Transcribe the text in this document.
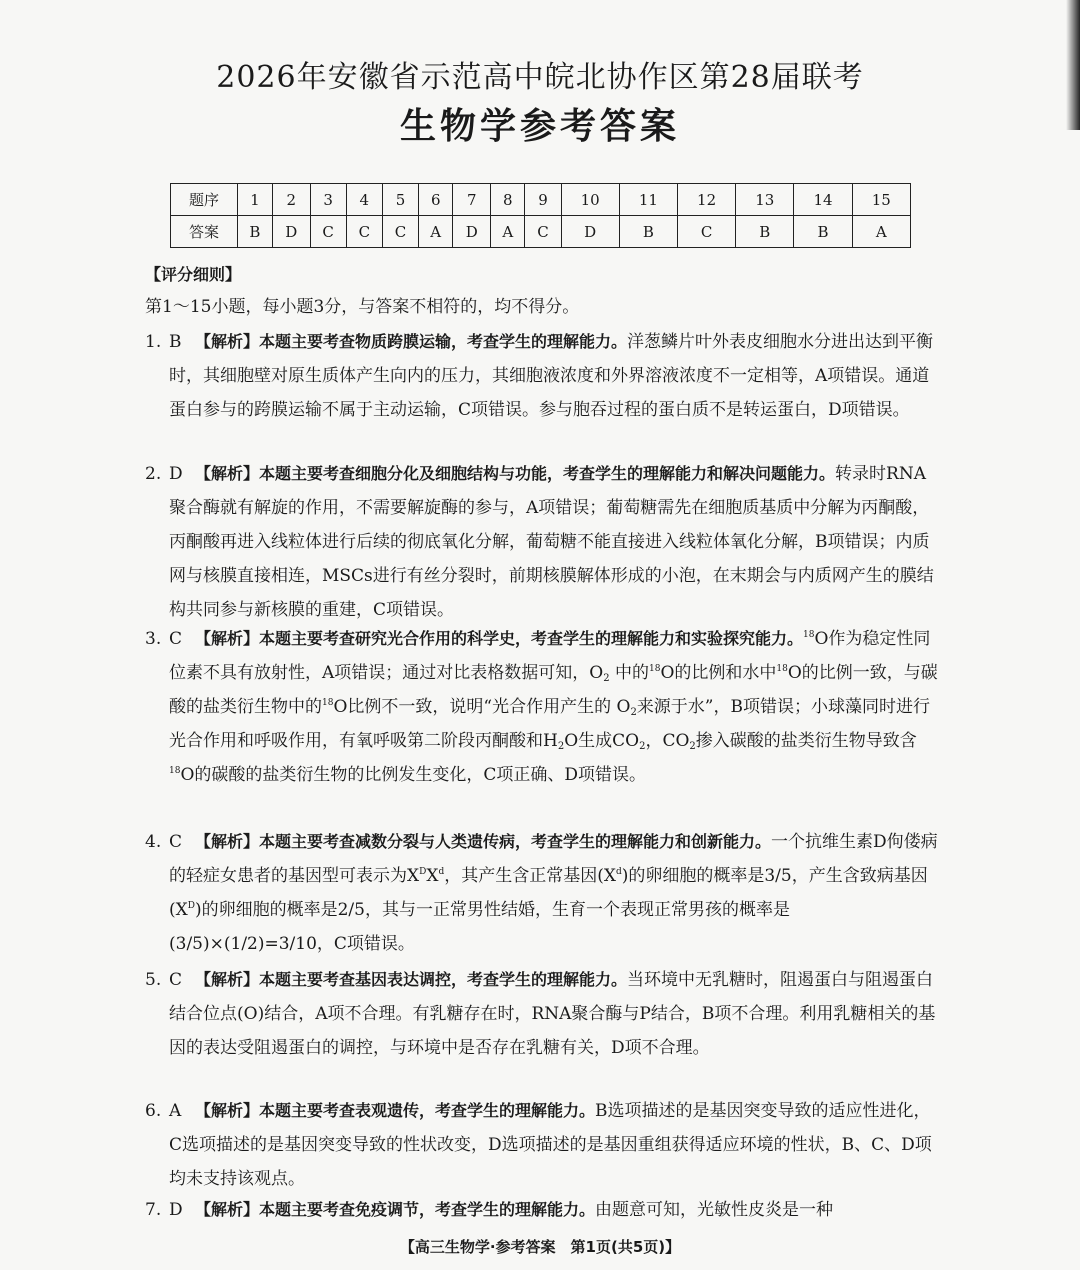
2026年安徽省示范高中皖北协作区第28届联考
生物学参考答案
题序	1	2	3	4	5	6	7	8	9	10	11	12	13	14	15
答案	B	D	C	C	C	A	D	A	C	D	B	C	B	B	A
【评分细则】
第1～15小题，每小题3分，与答案不相符的，均不得分。
1. B 【解析】本题主要考查物质跨膜运输，考查学生的理解能力。洋葱鳞片叶外表皮细胞水分进出达到平衡时，其细胞壁对原生质体产生向内的压力，其细胞液浓度和外界溶液浓度不一定相等，A项错误。通道蛋白参与的跨膜运输不属于主动运输，C项错误。参与胞吞过程的蛋白质不是转运蛋白，D项错误。
2. D 【解析】本题主要考查细胞分化及细胞结构与功能，考查学生的理解能力和解决问题能力。转录时RNA聚合酶就有解旋的作用，不需要解旋酶的参与，A项错误；葡萄糖需先在细胞质基质中分解为丙酮酸，丙酮酸再进入线粒体进行后续的彻底氧化分解，葡萄糖不能直接进入线粒体氧化分解，B项错误；内质网与核膜直接相连，MSCs进行有丝分裂时，前期核膜解体形成的小泡，在末期会与内质网产生的膜结构共同参与新核膜的重建，C项错误。
3. C 【解析】本题主要考查研究光合作用的科学史，考查学生的理解能力和实验探究能力。$^{18}$O作为稳定性同位素不具有放射性，A项错误；通过对比表格数据可知，$O_2$ 中的$^{18}$O的比例和水中$^{18}$O的比例一致，与碳酸的盐类衍生物中的$^{18}$O比例不一致，说明“光合作用产生的 $O_2$来源于水”，B项错误；小球藻同时进行光合作用和呼吸作用，有氧呼吸第二阶段丙酮酸和$H_2O$生成$CO_2$，$CO_2$掺入碳酸的盐类衍生物导致含$^{18}$O的碳酸的盐类衍生物的比例发生变化，C项正确、D项错误。
4. C 【解析】本题主要考查减数分裂与人类遗传病，考查学生的理解能力和创新能力。一个抗维生素D佝偻病的轻症女患者的基因型可表示为$X^DX^d$，其产生含正常基因$(X^d)$的卵细胞的概率是3/5，产生含致病基因$(X^D)$的卵细胞的概率是2/5，其与一正常男性结婚，生育一个表现正常男孩的概率是(3/5)×(1/2)=3/10，C项错误。
5. C 【解析】本题主要考查基因表达调控，考查学生的理解能力。当环境中无乳糖时，阻遏蛋白与阻遏蛋白结合位点(O)结合，A项不合理。有乳糖存在时，RNA聚合酶与P结合，B项不合理。利用乳糖相关的基因的表达受阻遏蛋白的调控，与环境中是否存在乳糖有关，D项不合理。
6. A 【解析】本题主要考查表观遗传，考查学生的理解能力。B选项描述的是基因突变导致的适应性进化，C选项描述的是基因突变导致的性状改变，D选项描述的是基因重组获得适应环境的性状，B、C、D项均未支持该观点。
7. D 【解析】本题主要考查免疫调节，考查学生的理解能力。由题意可知，光敏性皮炎是一种
【高三生物学·参考答案　第1页(共5页)】
